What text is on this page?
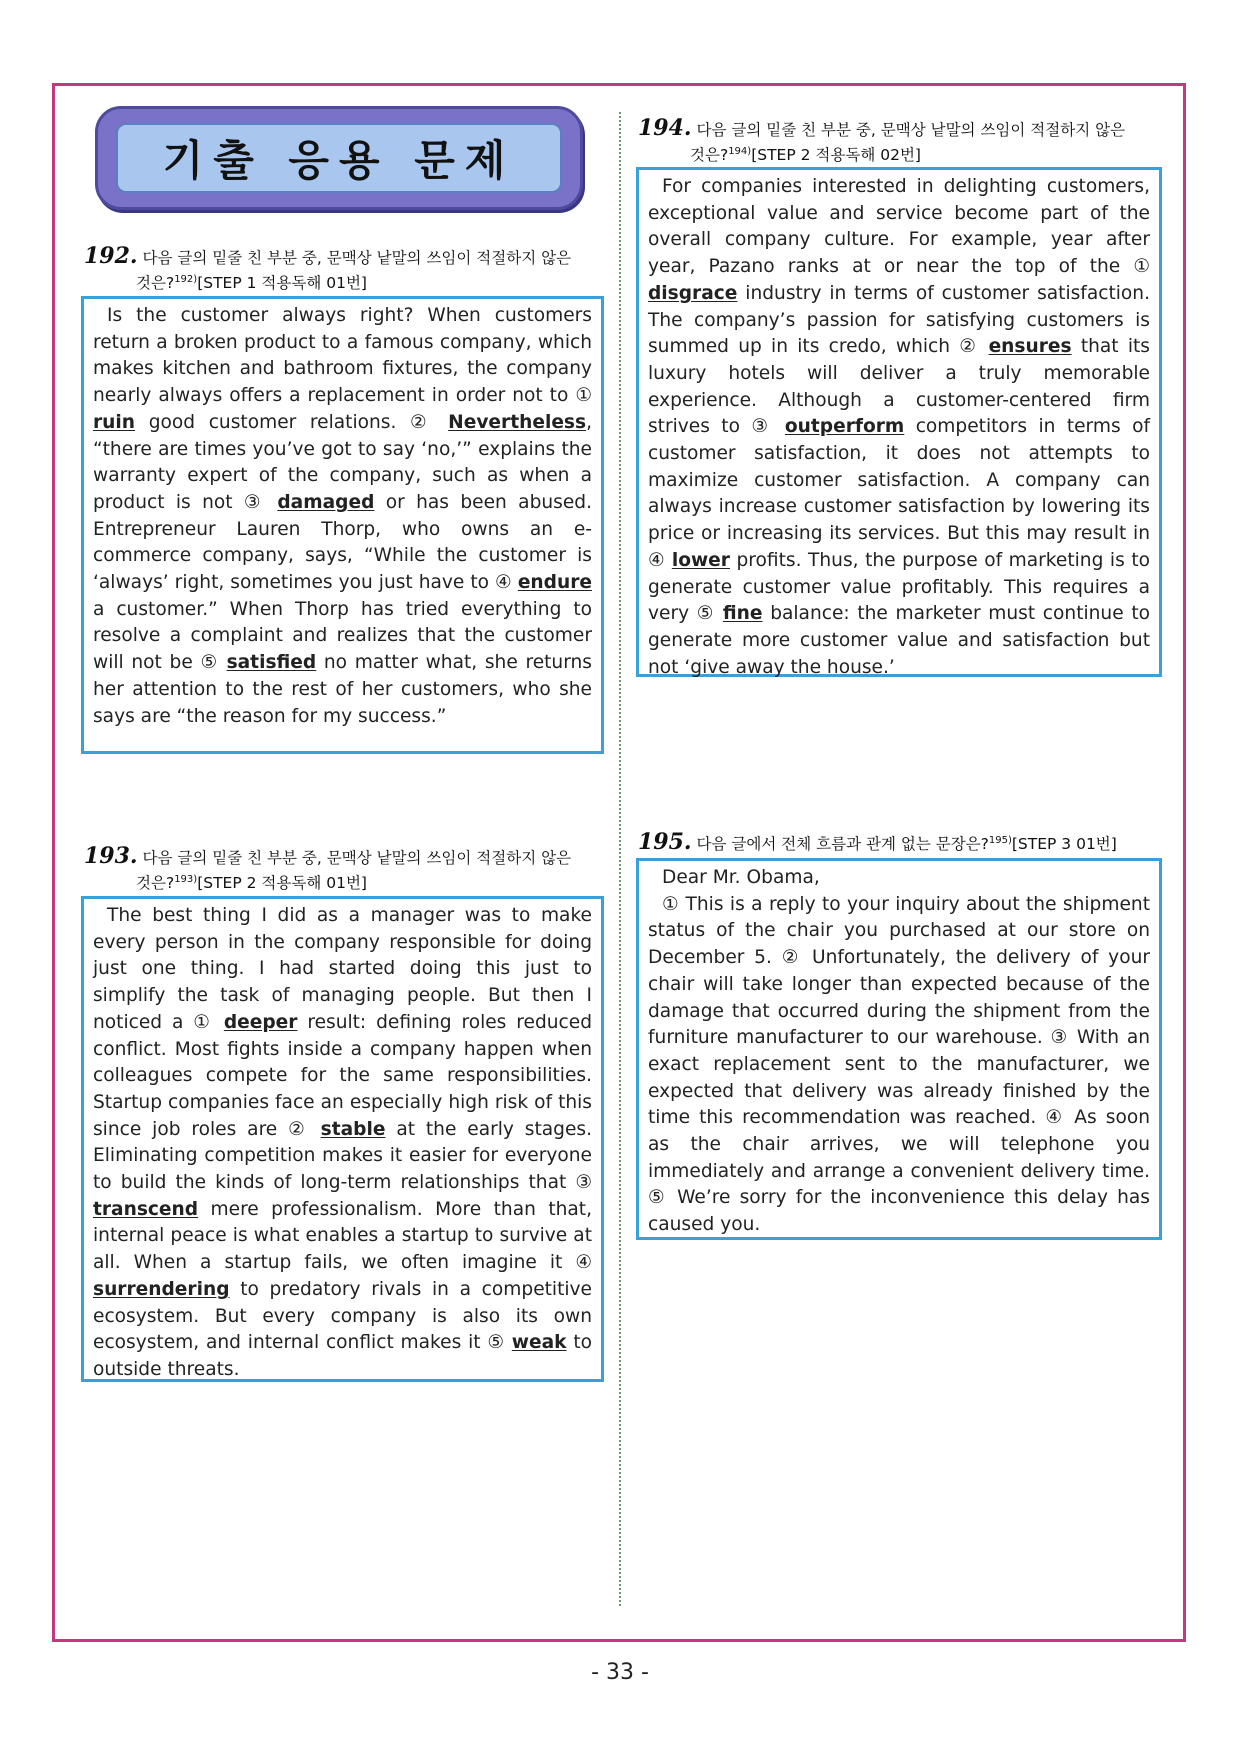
기출 응용 문제
192. 다음 글의 밑줄 친 부분 중, 문맥상 낱말의 쓰임이 적절하지 않은
것은?$^{192)}$[STEP 1 적용독해 01번]

Is the customer always right? When customers return a broken product to a famous company, which makes kitchen and bathroom fixtures, the company nearly always offers a replacement in order not to ① ruin good customer relations. ② Nevertheless, “there are times you’ve got to say ‘no,’” explains the warranty expert of the company, such as when a product is not ③ damaged or has been abused. Entrepreneur Lauren Thorp, who owns an e-commerce company, says, “While the customer is ‘always’ right, sometimes you just have to ④ endure a customer.” When Thorp has tried everything to resolve a complaint and realizes that the customer will not be ⑤ satisfied no matter what, she returns her attention to the rest of her customers, who she says are “the reason for my success.”

193. 다음 글의 밑줄 친 부분 중, 문맥상 낱말의 쓰임이 적절하지 않은
것은?$^{193)}$[STEP 2 적용독해 01번]

The best thing I did as a manager was to make every person in the company responsible for doing just one thing. I had started doing this just to simplify the task of managing people. But then I noticed a ① deeper result: defining roles reduced conflict. Most fights inside a company happen when colleagues compete for the same responsibilities. Startup companies face an especially high risk of this since job roles are ② stable at the early stages. Eliminating competition makes it easier for everyone to build the kinds of long-term relationships that ③ transcend mere professionalism. More than that, internal peace is what enables a startup to survive at all. When a startup fails, we often imagine it ④ surrendering to predatory rivals in a competitive ecosystem. But every company is also its own ecosystem, and internal conflict makes it ⑤ weak to outside threats.

194. 다음 글의 밑줄 친 부분 중, 문맥상 낱말의 쓰임이 적절하지 않은
것은?$^{194)}$[STEP 2 적용독해 02번]

For companies interested in delighting customers, exceptional value and service become part of the overall company culture. For example, year after year, Pazano ranks at or near the top of the ① disgrace industry in terms of customer satisfaction. The company’s passion for satisfying customers is summed up in its credo, which ② ensures that its luxury hotels will deliver a truly memorable experience. Although a customer-centered firm strives to ③ outperform competitors in terms of customer satisfaction, it does not attempts to maximize customer satisfaction. A company can always increase customer satisfaction by lowering its price or increasing its services. But this may result in ④ lower profits. Thus, the purpose of marketing is to generate customer value profitably. This requires a very ⑤ fine balance: the marketer must continue to generate more customer value and satisfaction but not ‘give away the house.’

195. 다음 글에서 전체 흐름과 관계 없는 문장은?$^{195)}$[STEP 3 01번]

Dear Mr. Obama,

① This is a reply to your inquiry about the shipment status of the chair you purchased at our store on December 5. ② Unfortunately, the delivery of your chair will take longer than expected because of the damage that occurred during the shipment from the furniture manufacturer to our warehouse. ③ With an exact replacement sent to the manufacturer, we expected that delivery was already finished by the time this recommendation was reached. ④ As soon as the chair arrives, we will telephone you immediately and arrange a convenient delivery time. ⑤ We’re sorry for the inconvenience this delay has caused you.

- 33 -
